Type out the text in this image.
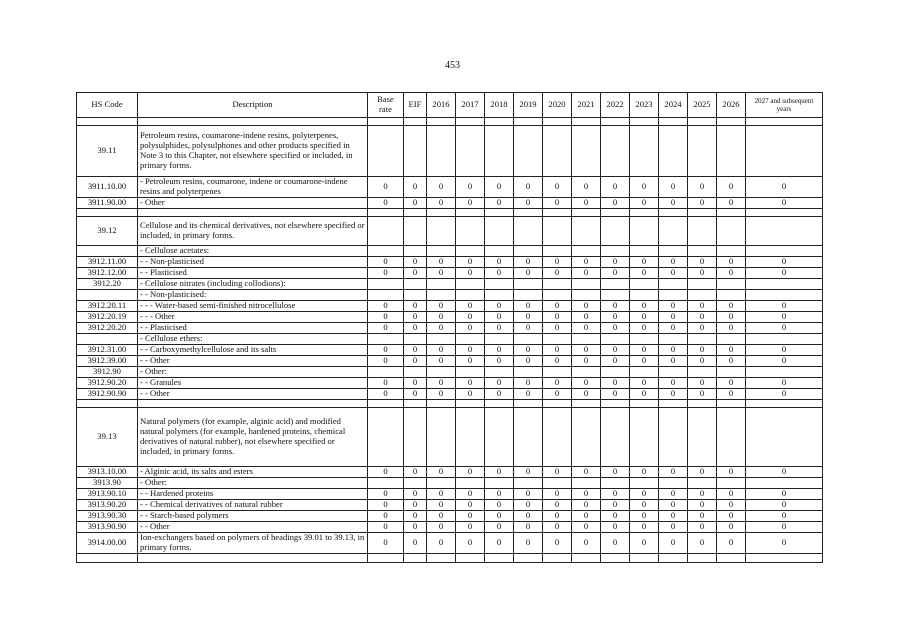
453
HS Code	Description	Base rate	EIF	2016	2017	2018	2019	2020	2021	2022	2023	2024	2025	2026	2027 and subsequent years

39.11	Petroleum resins, coumarone-indene resins, polyterpenes, polysulphides, polysulphones and other products specified in Note 3 to this Chapter, not elsewhere specified or included, in primary forms.														
3911.10.00	- Petroleum resins, coumarone, indene or coumarone-indene resins and polyterpenes	0	0	0	0	0	0	0	0	0	0	0	0	0	0
3911.90.00	- Other	0	0	0	0	0	0	0	0	0	0	0	0	0	0

39.12	Cellulose and its chemical derivatives, not elsewhere specified or included, in primary forms.														
	- Cellulose acetates:														
3912.11.00	- - Non-plasticised	0	0	0	0	0	0	0	0	0	0	0	0	0	0
3912.12.00	- - Plasticised	0	0	0	0	0	0	0	0	0	0	0	0	0	0
3912.20	- Cellulose nitrates (including collodions):														
	- - Non-plasticised:														
3912.20.11	- - - Water-based semi-finished nitrocellulose	0	0	0	0	0	0	0	0	0	0	0	0	0	0
3912.20.19	- - - Other	0	0	0	0	0	0	0	0	0	0	0	0	0	0
3912.20.20	- - Plasticised	0	0	0	0	0	0	0	0	0	0	0	0	0	0
	- Cellulose ethers:														
3912.31.00	- - Carboxymethylcellulose and its salts	0	0	0	0	0	0	0	0	0	0	0	0	0	0
3912.39.00	- - Other	0	0	0	0	0	0	0	0	0	0	0	0	0	0
3912.90	- Other:														
3912.90.20	- - Granules	0	0	0	0	0	0	0	0	0	0	0	0	0	0
3912.90.90	- - Other	0	0	0	0	0	0	0	0	0	0	0	0	0	0

39.13	Natural polymers (for example, alginic acid) and modified natural polymers (for example, hardened proteins, chemical derivatives of natural rubber), not elsewhere specified or included, in primary forms.														
3913.10.00	- Alginic acid, its salts and esters	0	0	0	0	0	0	0	0	0	0	0	0	0	0
3913.90	- Other:														
3913.90.10	- - Hardened proteins	0	0	0	0	0	0	0	0	0	0	0	0	0	0
3913.90.20	- - Chemical derivatives of natural rubber	0	0	0	0	0	0	0	0	0	0	0	0	0	0
3913.90.30	- - Starch-based polymers	0	0	0	0	0	0	0	0	0	0	0	0	0	0
3913.90.90	- - Other	0	0	0	0	0	0	0	0	0	0	0	0	0	0
3914.00.00	Ion-exchangers based on polymers of headings 39.01 to 39.13, in primary forms.	0	0	0	0	0	0	0	0	0	0	0	0	0	0
